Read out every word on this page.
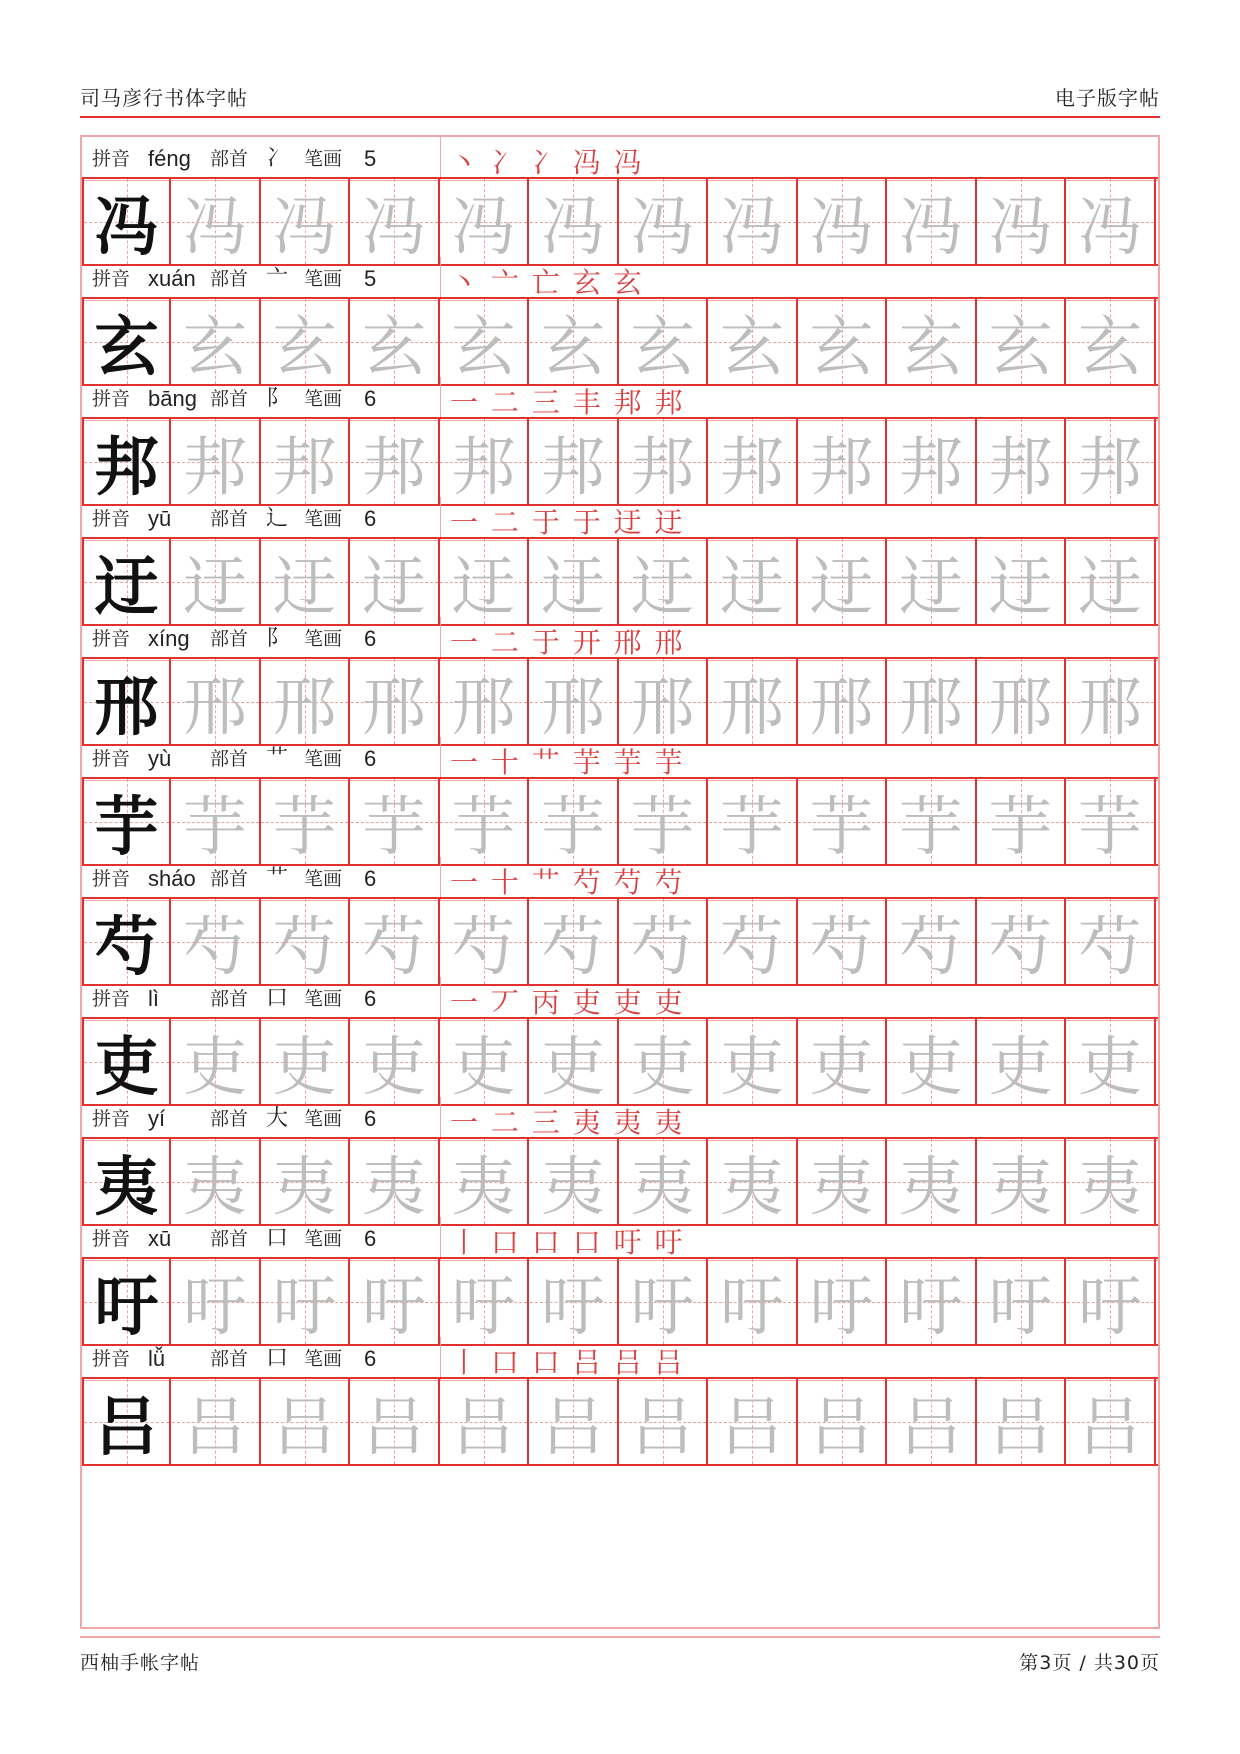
司马彦行书体字帖	电子版字帖
拼音 féng 部首 冫 笔画 5	丶 冫 冫 冯 冯
冯 冯 冯 冯 冯 冯 冯 冯 冯 冯 冯 冯
拼音 xuán 部首 亠 笔画 5	丶 亠 亡 玄 玄
玄 玄 玄 玄 玄 玄 玄 玄 玄 玄 玄 玄
拼音 bāng 部首 阝 笔画 6	一 二 三 丰 邦 邦
邦 邦 邦 邦 邦 邦 邦 邦 邦 邦 邦 邦
拼音 yū 部首 辶 笔画 6	一 二 于 于 迂 迂
迂 迂 迂 迂 迂 迂 迂 迂 迂 迂 迂 迂
拼音 xíng 部首 阝 笔画 6	一 二 于 开 邢 邢
邢 邢 邢 邢 邢 邢 邢 邢 邢 邢 邢 邢
拼音 yù 部首 艹 笔画 6	一 十 艹 芋 芋 芋
芋 芋 芋 芋 芋 芋 芋 芋 芋 芋 芋 芋
拼音 sháo 部首 艹 笔画 6	一 十 艹 芍 芍 芍
芍 芍 芍 芍 芍 芍 芍 芍 芍 芍 芍 芍
拼音 lì	部首 口 笔画 6	一 丆 丙 吏 吏 吏
吏 吏 吏 吏 吏 吏 吏 吏 吏 吏 吏 吏
拼音 yí 部首 大 笔画 6	一 二 三 夷 夷 夷
夷 夷 夷 夷 夷 夷 夷 夷 夷 夷 夷 夷
拼音 xū 部首 口 笔画 6	丨 口 口 口 吁 吁
吁 吁 吁 吁 吁 吁 吁 吁 吁 吁 吁 吁
拼音 lǚ 部首 口 笔画 6	丨 口 口 吕 吕 吕
吕 吕 吕 吕 吕 吕 吕 吕 吕 吕 吕 吕
西柚手帐字帖	第3页 / 共30页
